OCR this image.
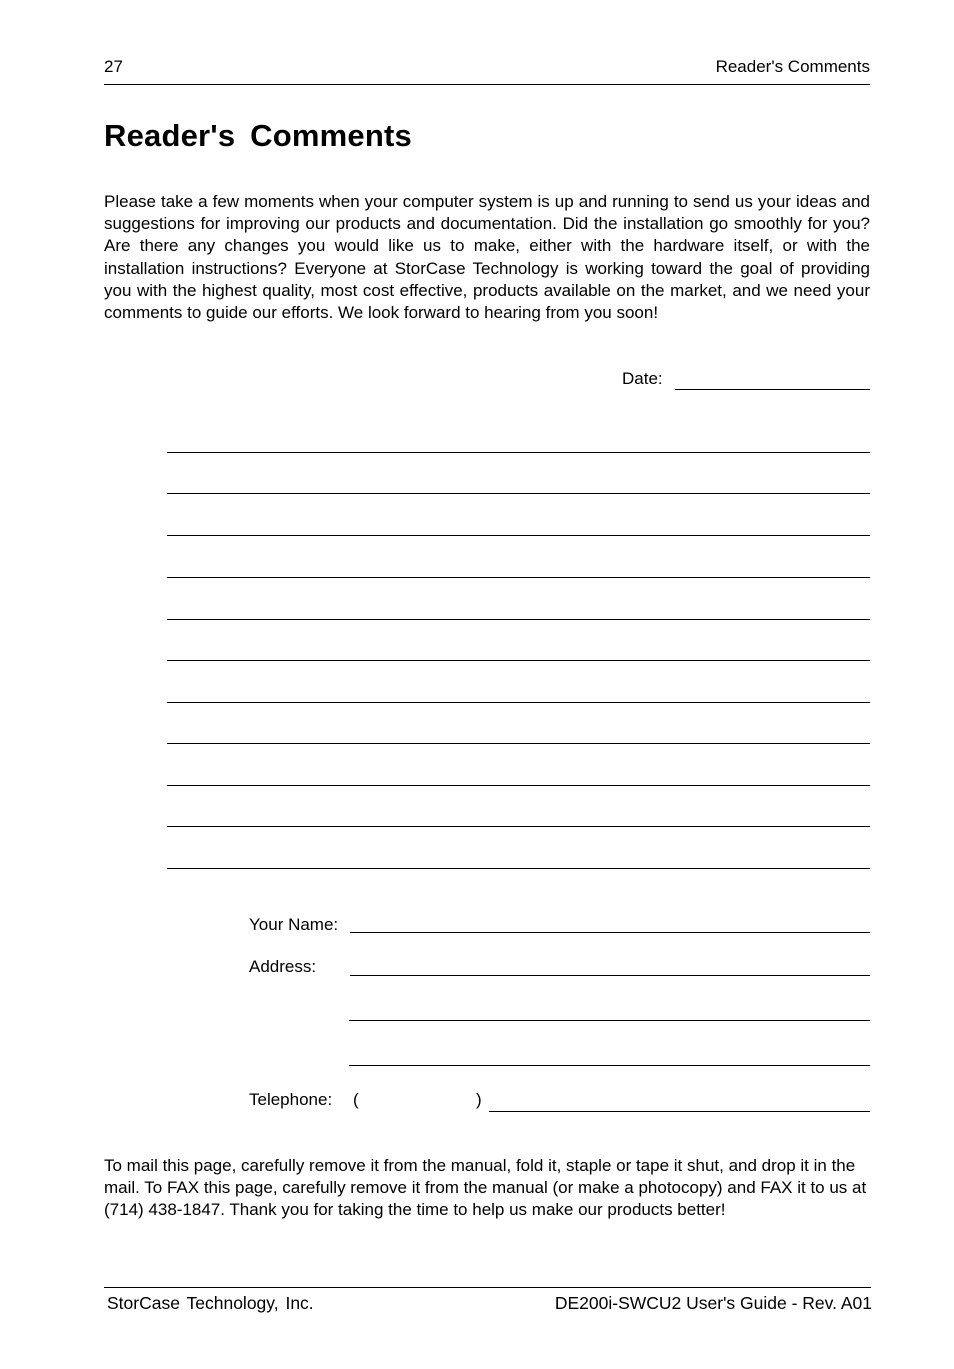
27	Reader's Comments
Reader's Comments

Please take a few moments when your computer system is up and running to send us your ideas and suggestions for improving our products and documentation. Did the installation go smoothly for you? Are there any changes you would like us to make, either with the hardware itself, or with the installation instructions? Everyone at StorCase Technology is working toward the goal of providing you with the highest quality, most cost effective, products available on the market, and we need your comments to guide our efforts. We look forward to hearing from you soon!

Date:
Your Name:
Address:
Telephone: (	)

To mail this page, carefully remove it from the manual, fold it, staple or tape it shut, and drop it in the mail. To FAX this page, carefully remove it from the manual (or make a photocopy) and FAX it to us at (714) 438-1847. Thank you for taking the time to help us make our products better!

StorCase Technology, Inc.	DE200i-SWCU2 User's Guide - Rev. A01
